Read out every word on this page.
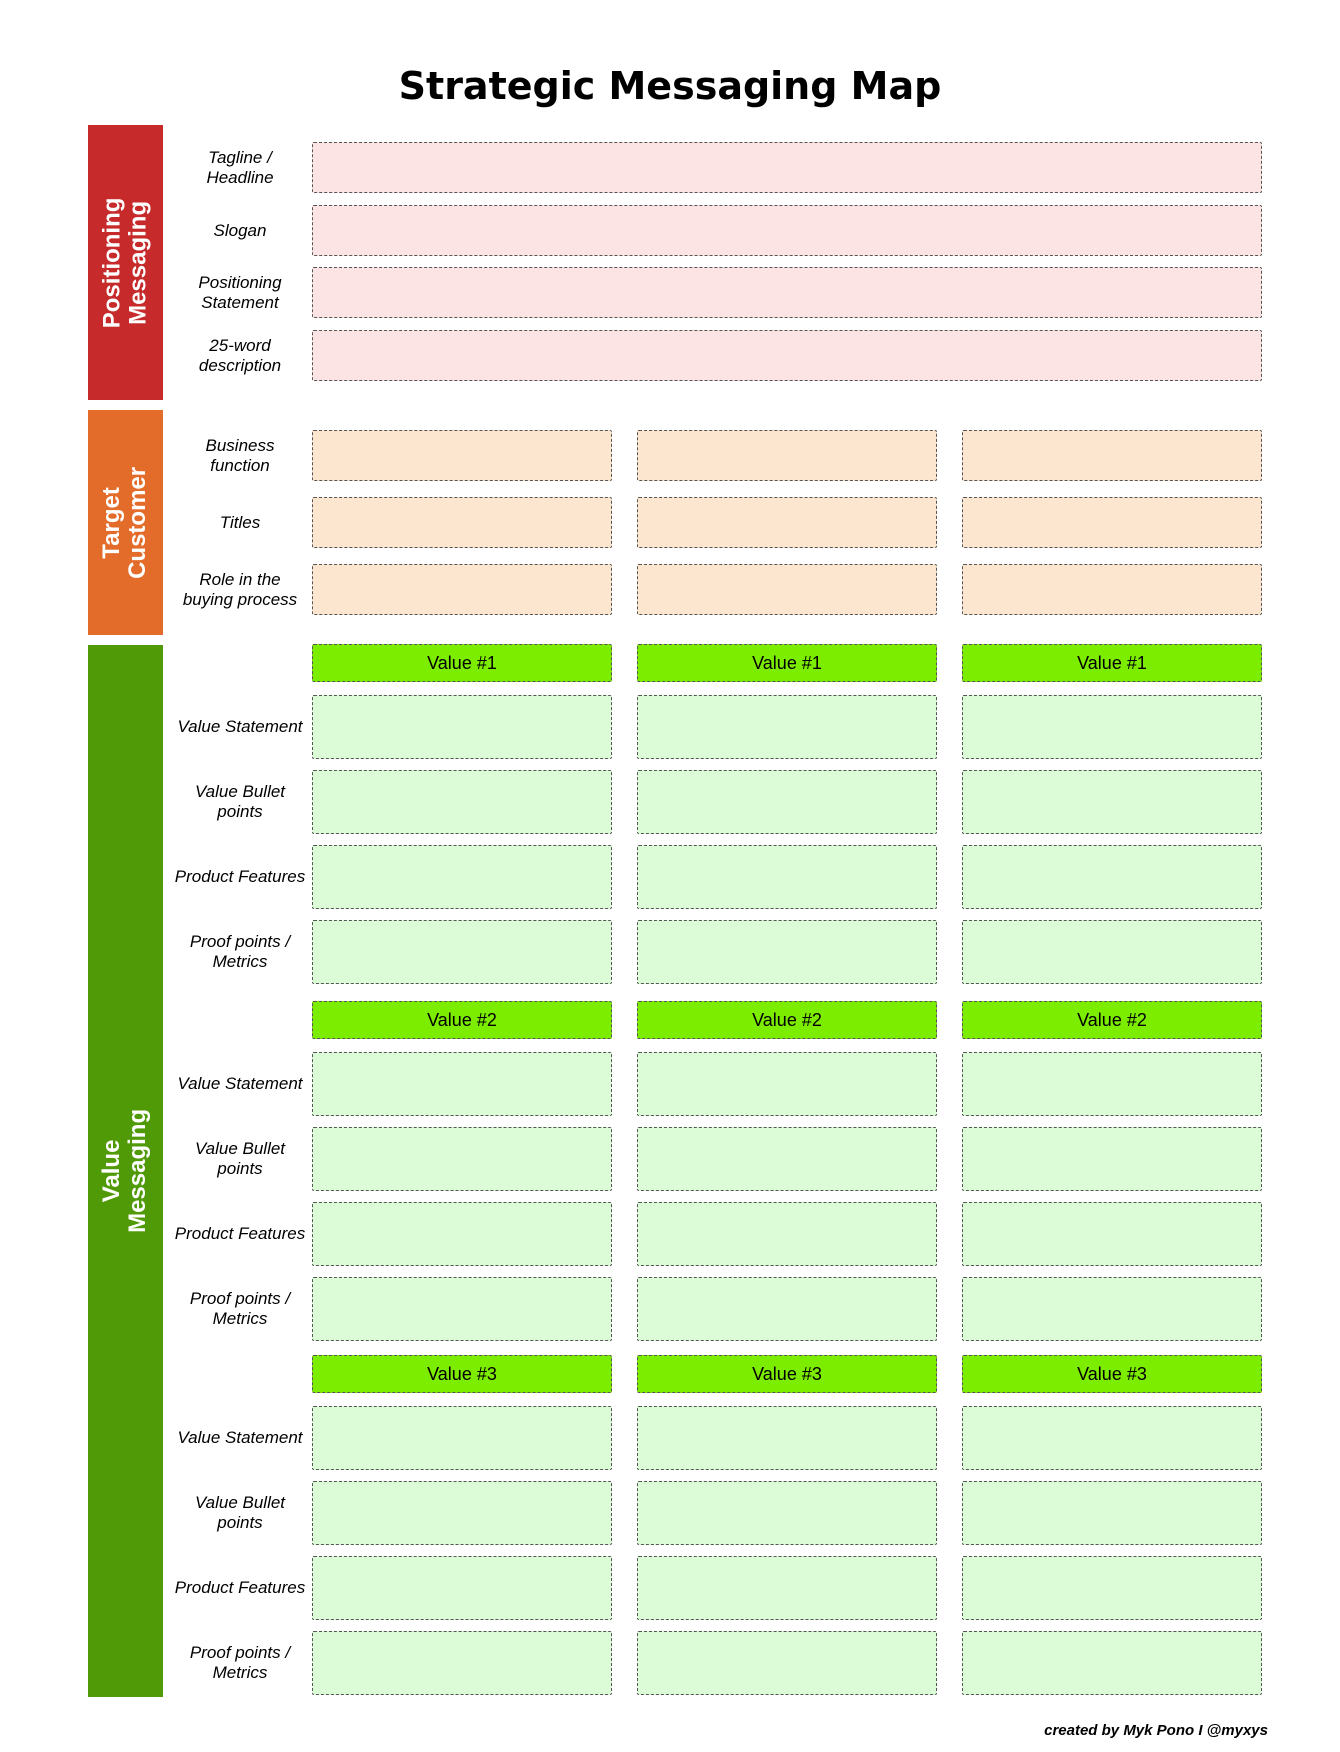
Strategic Messaging Map
Positioning
Messaging
Target Customer
Value Messaging
Tagline /
Headline
Slogan
Positioning
Statement
25-word
description
Business
function
Titles
Role in the
buying process
Value #1	Value #1	Value #1
Value Statement
Value Bullet
points
Product Features
Proof points /
Metrics
Value #2	Value #2	Value #2
Value Statement
Value Bullet
points
Product Features
Proof points /
Metrics
Value #3	Value #3	Value #3
Value Statement
Value Bullet
points
Product Features
Proof points /
Metrics
created by Myk Pono I @myxys
